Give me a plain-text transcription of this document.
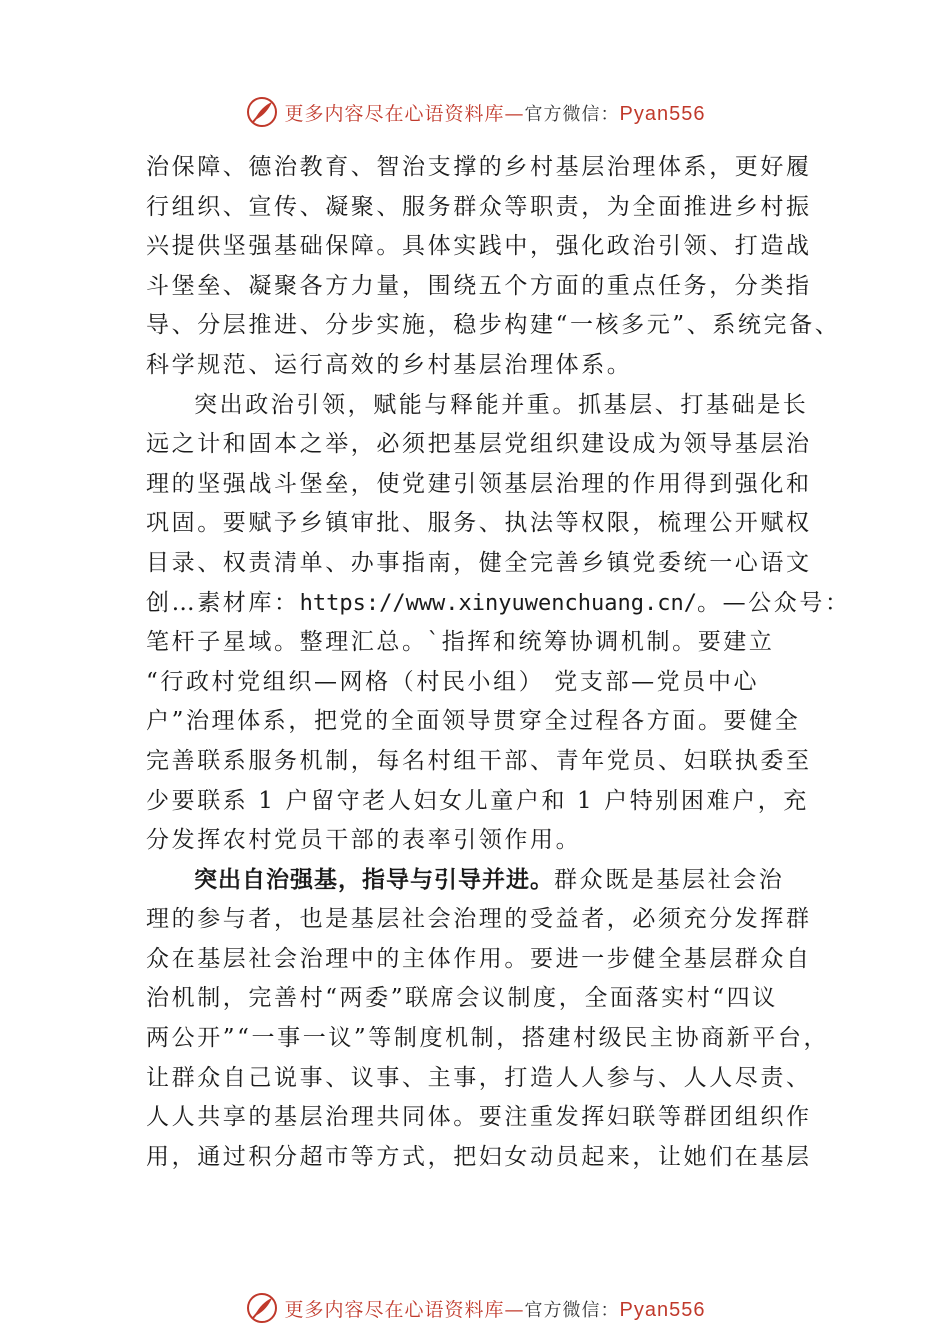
更多内容尽在心语资料库—官方微信：Pyan556
治保障、德治教育、智治支撑的乡村基层治理体系，更好履
行组织、宣传、凝聚、服务群众等职责，为全面推进乡村振
兴提供坚强基础保障。具体实践中，强化政治引领、打造战
斗堡垒、凝聚各方力量，围绕五个方面的重点任务，分类指
导、分层推进、分步实施，稳步构建“一核多元”、系统完备、
科学规范、运行高效的乡村基层治理体系。
突出政治引领，赋能与释能并重。抓基层、打基础是长
远之计和固本之举，必须把基层党组织建设成为领导基层治
理的坚强战斗堡垒，使党建引领基层治理的作用得到强化和
巩固。要赋予乡镇审批、服务、执法等权限，梳理公开赋权
目录、权责清单、办事指南，健全完善乡镇党委统一心语文
创…素材库：https://www.xinyuwenchuang.cn/。—公众号：
笔杆子星域。整理汇总。`指挥和统筹协调机制。要建立
“行政村党组织—网格（村民小组） 党支部—党员中心
户”治理体系，把党的全面领导贯穿全过程各方面。要健全
完善联系服务机制，每名村组干部、青年党员、妇联执委至
少要联系 1 户留守老人妇女儿童户和 1 户特别困难户，充
分发挥农村党员干部的表率引领作用。
突出自治强基，指导与引导并进。群众既是基层社会治
理的参与者，也是基层社会治理的受益者，必须充分发挥群
众在基层社会治理中的主体作用。要进一步健全基层群众自
治机制，完善村“两委”联席会议制度，全面落实村“四议
两公开”“一事一议”等制度机制，搭建村级民主协商新平台，
让群众自己说事、议事、主事，打造人人参与、人人尽责、
人人共享的基层治理共同体。要注重发挥妇联等群团组织作
用，通过积分超市等方式，把妇女动员起来，让她们在基层
更多内容尽在心语资料库—官方微信：Pyan556
